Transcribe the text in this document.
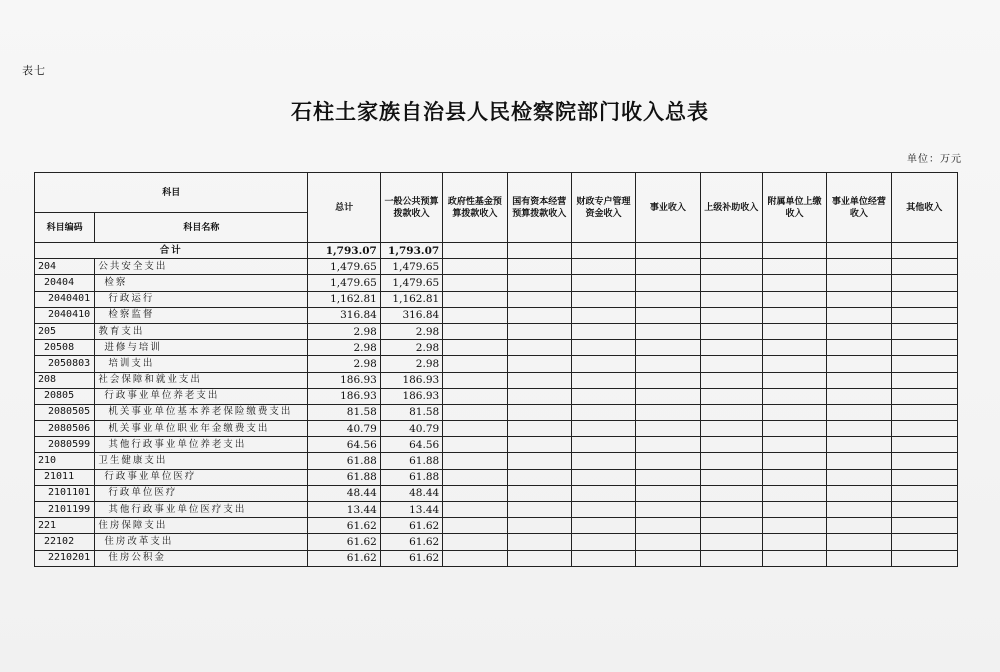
表七
石柱土家族自治县人民检察院部门收入总表
单位：万元
科目		总计	一般公共预算拨款收入	政府性基金预算拨款收入	国有资本经营预算拨款收入	财政专户管理资金收入	事业收入	上级补助收入	附属单位上缴收入	事业单位经营收入	其他收入
科目编码	科目名称										
合计		1,793.07	1,793.07								
204	公共安全支出	1,479.65	1,479.65								
20404	检察	1,479.65	1,479.65								
2040401	行政运行	1,162.81	1,162.81								
2040410	检察监督	316.84	316.84								
205	教育支出	2.98	2.98								
20508	进修与培训	2.98	2.98								
2050803	培训支出	2.98	2.98								
208	社会保障和就业支出	186.93	186.93								
20805	行政事业单位养老支出	186.93	186.93								
2080505	机关事业单位基本养老保险缴费支出	81.58	81.58								
2080506	机关事业单位职业年金缴费支出	40.79	40.79								
2080599	其他行政事业单位养老支出	64.56	64.56								
210	卫生健康支出	61.88	61.88								
21011	行政事业单位医疗	61.88	61.88								
2101101	行政单位医疗	48.44	48.44								
2101199	其他行政事业单位医疗支出	13.44	13.44								
221	住房保障支出	61.62	61.62								
22102	住房改革支出	61.62	61.62								
2210201	住房公积金	61.62	61.62								
